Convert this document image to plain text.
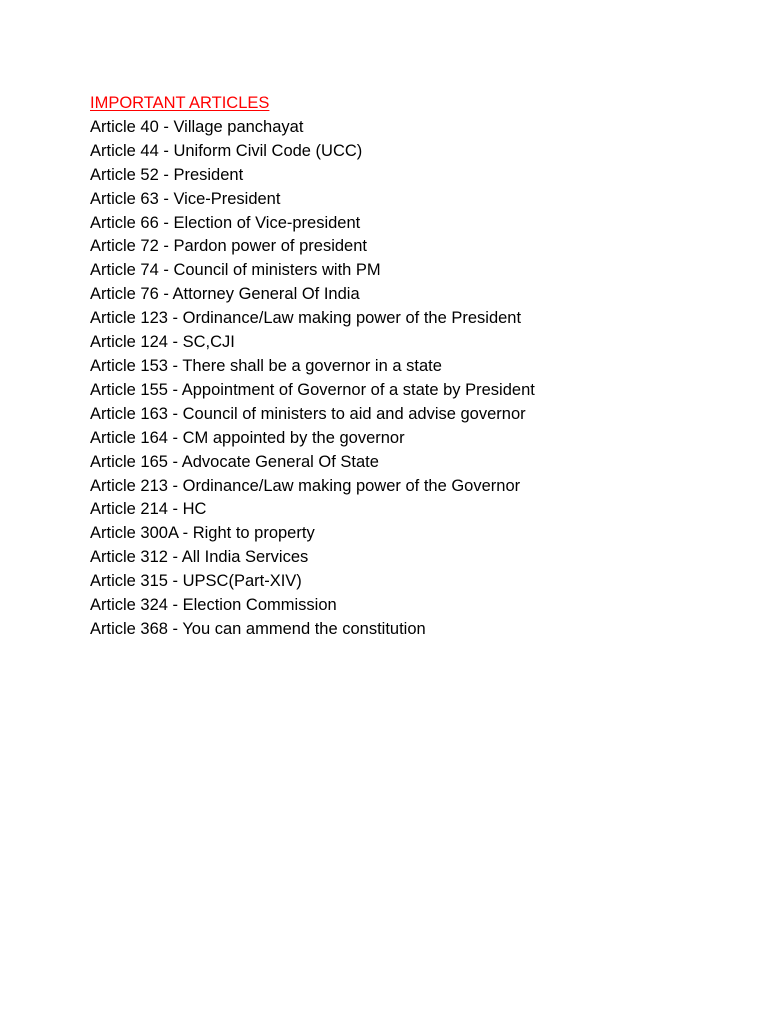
IMPORTANT ARTICLES
Article 40 - Village panchayat
Article 44 - Uniform Civil Code (UCC)
Article 52 - President
Article 63 - Vice-President
Article 66 - Election of Vice-president
Article 72 - Pardon power of president
Article 74 - Council of ministers with PM
Article 76 - Attorney General Of India
Article 123 - Ordinance/Law making power of the President
Article 124 - SC,CJI
Article 153 - There shall be a governor in a state
Article 155 - Appointment of Governor of a state by President
Article 163 - Council of ministers to aid and advise governor
Article 164 - CM appointed by the governor
Article 165 - Advocate General Of State
Article 213 - Ordinance/Law making power of the Governor
Article 214 - HC
Article 300A - Right to property
Article 312 - All India Services
Article 315 - UPSC(Part-XIV)
Article 324 - Election Commission
Article 368 - You can ammend the constitution
